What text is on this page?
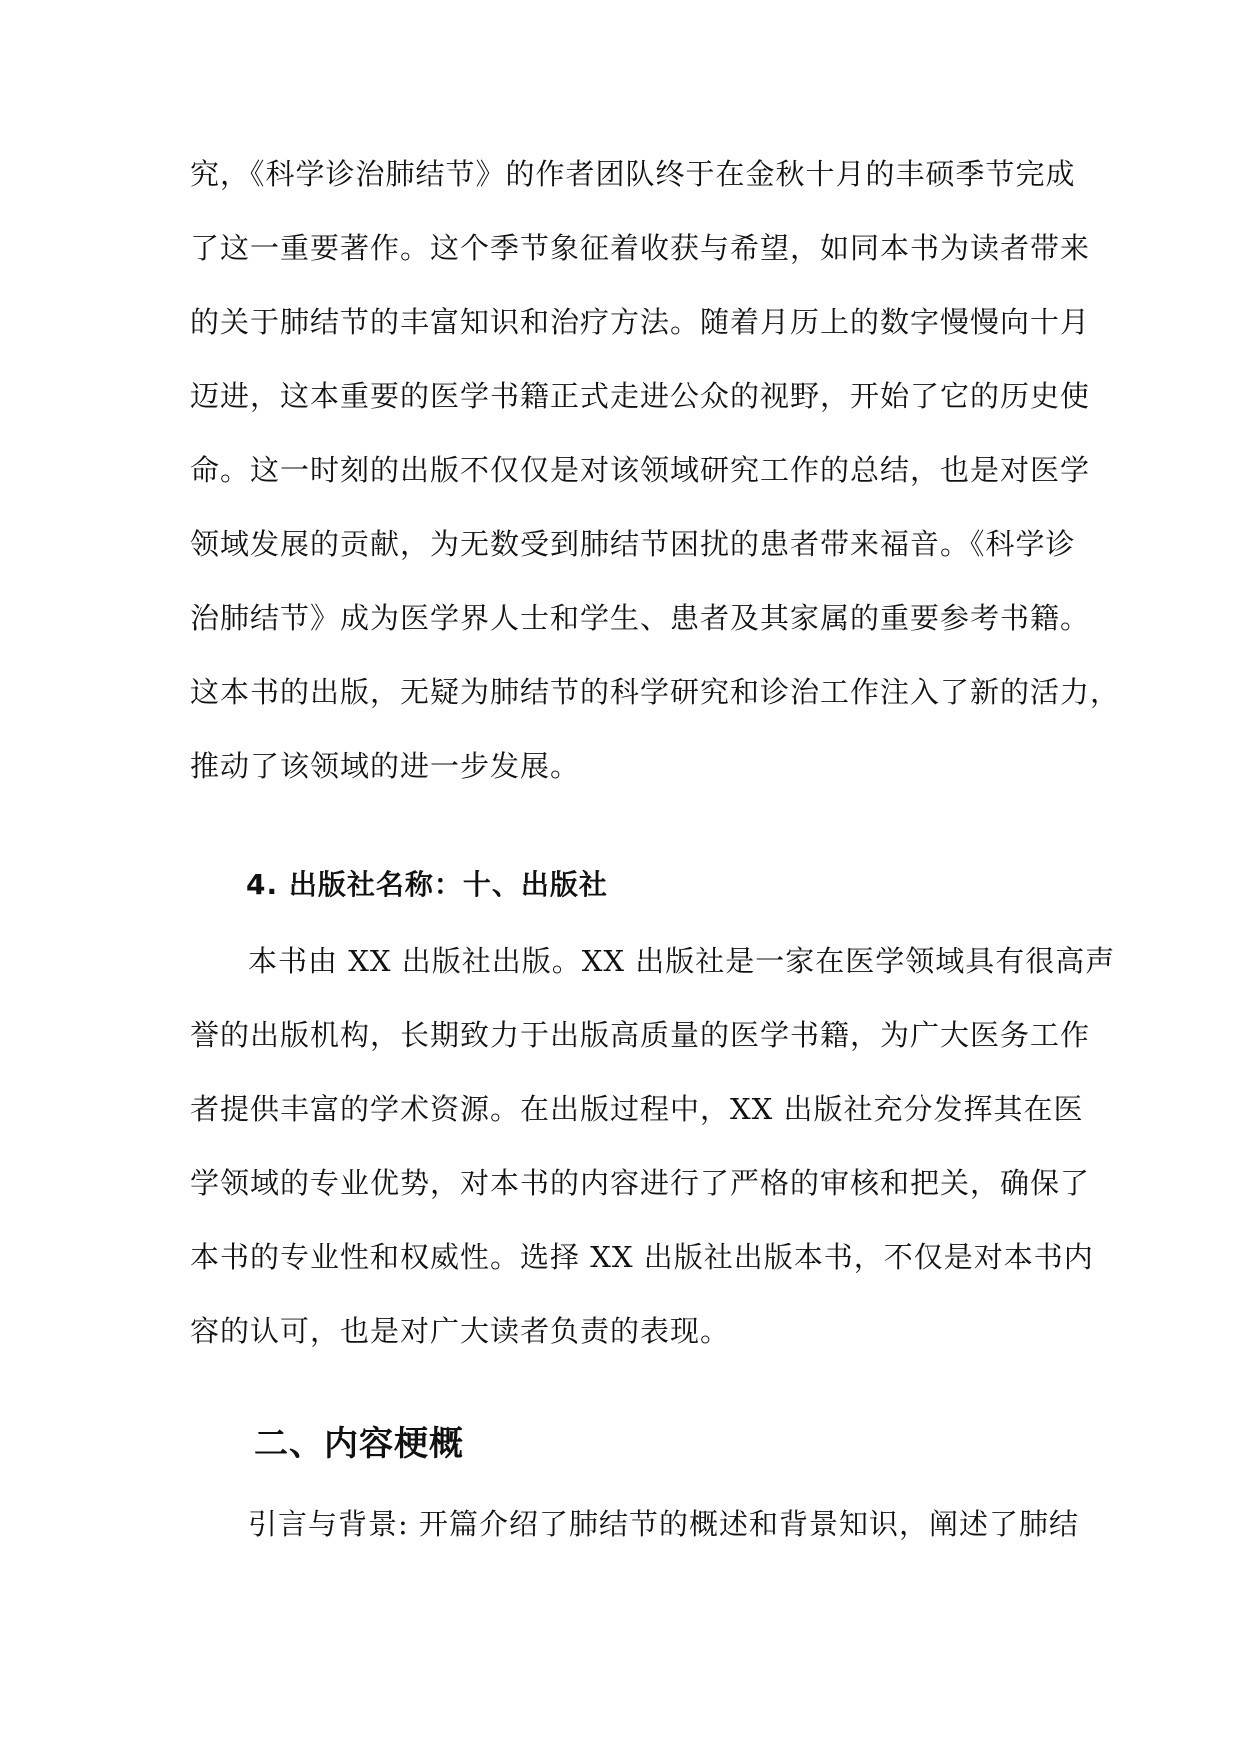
究，《科学诊治肺结节》的作者团队终于在金秋十月的丰硕季节完成
了这一重要著作。这个季节象征着收获与希望，如同本书为读者带来
的关于肺结节的丰富知识和治疗方法。随着月历上的数字慢慢向十月
迈进，这本重要的医学书籍正式走进公众的视野，开始了它的历史使
命。这一时刻的出版不仅仅是对该领域研究工作的总结，也是对医学
领域发展的贡献，为无数受到肺结节困扰的患者带来福音。《科学诊
治肺结节》成为医学界人士和学生、患者及其家属的重要参考书籍。
这本书的出版，无疑为肺结节的科学研究和诊治工作注入了新的活力，
推动了该领域的进一步发展。
4. 出版社名称：十、出版社
本书由 XX 出版社出版。XX 出版社是一家在医学领域具有很高声
誉的出版机构，长期致力于出版高质量的医学书籍，为广大医务工作
者提供丰富的学术资源。在出版过程中，XX 出版社充分发挥其在医
学领域的专业优势，对本书的内容进行了严格的审核和把关，确保了
本书的专业性和权威性。选择 XX 出版社出版本书，不仅是对本书内
容的认可，也是对广大读者负责的表现。
二、内容梗概
引言与背景: 开篇介绍了肺结节的概述和背景知识，阐述了肺结
